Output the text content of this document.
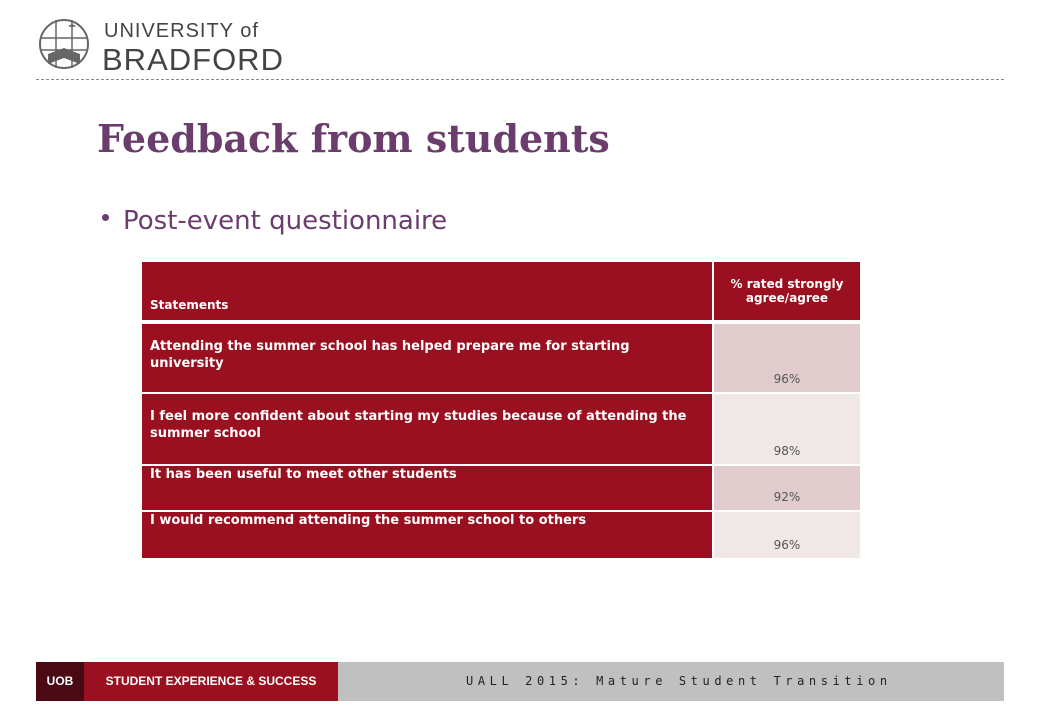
UNIVERSITY of
BRADFORD
Feedback from students
Post-event questionnaire
Statements	% rated strongly agree/agree
Attending the summer school has helped prepare me for starting university	96%
I feel more confident about starting my studies because of attending the summer school	98%
It has been useful to meet other students	92%
I would recommend attending the summer school to others	96%
UOB	STUDENT EXPERIENCE & SUCCESS	UALL 2015: Mature Student Transition
